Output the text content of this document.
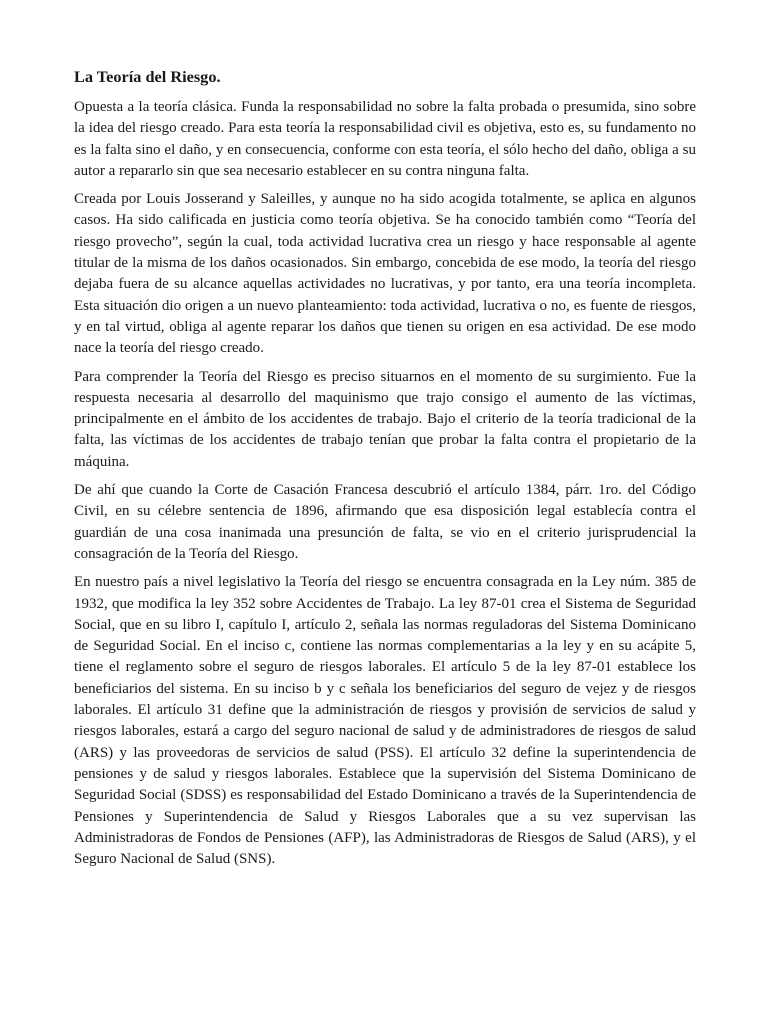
La Teoría del Riesgo.

Opuesta a la teoría clásica. Funda la responsabilidad no sobre la falta probada o presumida, sino sobre la idea del riesgo creado. Para esta teoría la responsabilidad civil es objetiva, esto es, su fundamento no es la falta sino el daño, y en consecuencia, conforme con esta teoría, el sólo hecho del daño, obliga a su autor a repararlo sin que sea necesario establecer en su contra ninguna falta.

Creada por Louis Josserand y Saleilles, y aunque no ha sido acogida totalmente, se aplica en algunos casos. Ha sido calificada en justicia como teoría objetiva. Se ha conocido también como “Teoría del riesgo provecho”, según la cual, toda actividad lucrativa crea un riesgo y hace responsable al agente titular de la misma de los daños ocasionados. Sin embargo, concebida de ese modo, la teoría del riesgo dejaba fuera de su alcance aquellas actividades no lucrativas, y por tanto, era una teoría incompleta. Esta situación dio origen a un nuevo planteamiento: toda actividad, lucrativa o no, es fuente de riesgos, y en tal virtud, obliga al agente reparar los daños que tienen su origen en esa actividad. De ese modo nace la teoría del riesgo creado.

Para comprender la Teoría del Riesgo es preciso situarnos en el momento de su surgimiento. Fue la respuesta necesaria al desarrollo del maquinismo que trajo consigo el aumento de las víctimas, principalmente en el ámbito de los accidentes de trabajo. Bajo el criterio de la teoría tradicional de la falta, las víctimas de los accidentes de trabajo tenían que probar la falta contra el propietario de la máquina.

De ahí que cuando la Corte de Casación Francesa descubrió el artículo 1384, párr. 1ro. del Código Civil, en su célebre sentencia de 1896, afirmando que esa disposición legal establecía contra el guardián de una cosa inanimada una presunción de falta, se vio en el criterio jurisprudencial la consagración de la Teoría del Riesgo.

En nuestro país a nivel legislativo la Teoría del riesgo se encuentra consagrada en la Ley núm. 385 de 1932, que modifica la ley 352 sobre Accidentes de Trabajo. La ley 87-01 crea el Sistema de Seguridad Social, que en su libro I, capítulo I, artículo 2, señala las normas reguladoras del Sistema Dominicano de Seguridad Social. En el inciso c, contiene las normas complementarias a la ley y en su acápite 5, tiene el reglamento sobre el seguro de riesgos laborales. El artículo 5 de la ley 87-01 establece los beneficiarios del sistema. En su inciso b y c señala los beneficiarios del seguro de vejez y de riesgos laborales. El artículo 31 define que la administración de riesgos y provisión de servicios de salud y riesgos laborales, estará a cargo del seguro nacional de salud y de administradores de riesgos de salud (ARS) y las proveedoras de servicios de salud (PSS). El artículo 32 define la superintendencia de pensiones y de salud y riesgos laborales. Establece que la supervisión del Sistema Dominicano de Seguridad Social (SDSS) es responsabilidad del Estado Dominicano a través de la Superintendencia de Pensiones y Superintendencia de Salud y Riesgos Laborales que a su vez supervisan las Administradoras de Fondos de Pensiones (AFP), las Administradoras de Riesgos de Salud (ARS), y el Seguro Nacional de Salud (SNS).
